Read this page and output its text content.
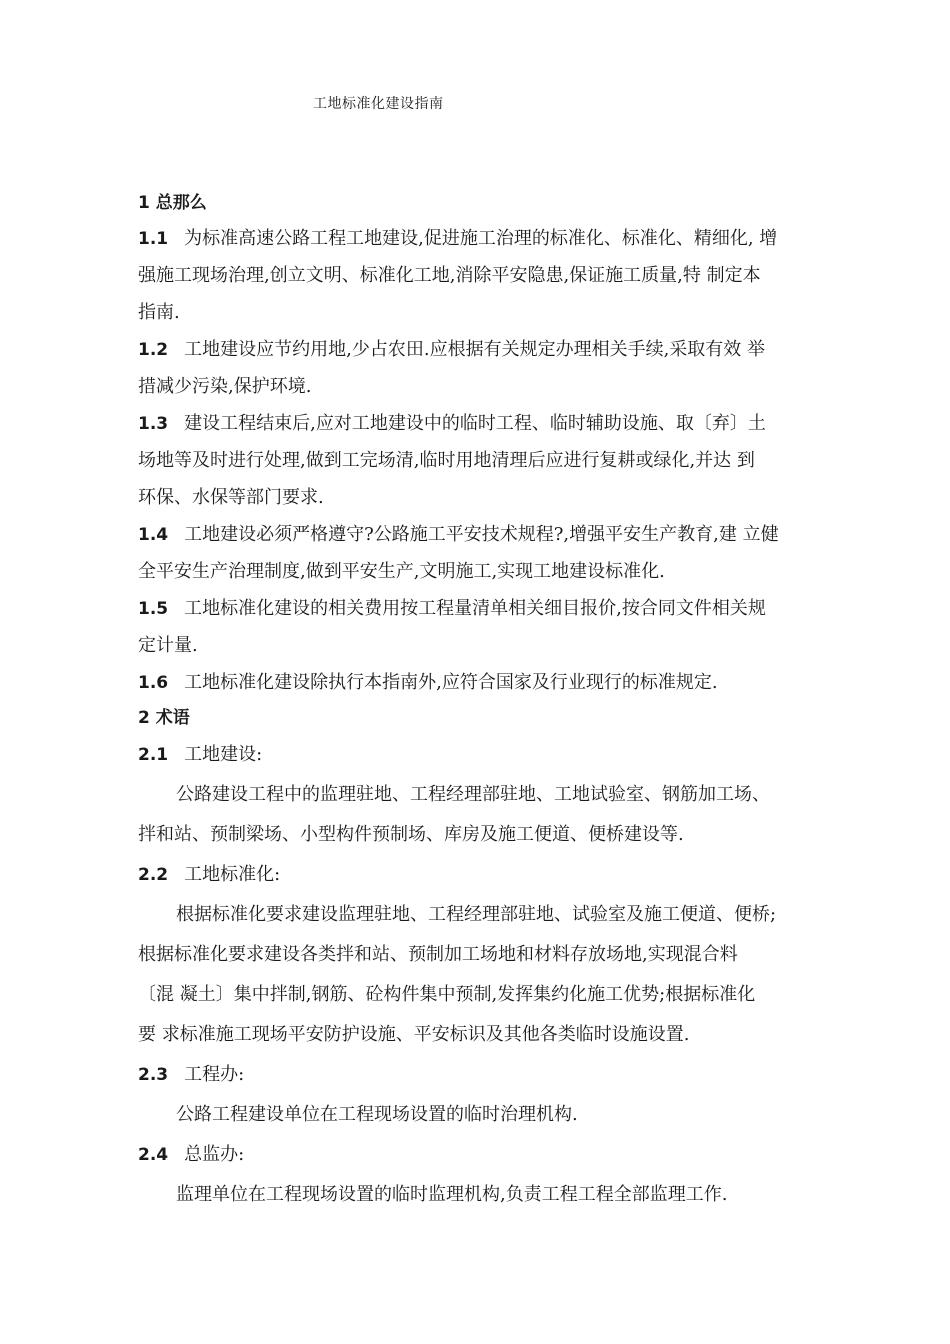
工地标准化建设指南
1 总那么
1.1 为标准高速公路工程工地建设,促进施工治理的标准化、标准化、精细化, 增
强施工现场治理,创立文明、标准化工地,消除平安隐患,保证施工质量,特 制定本
指南.
1.2 工地建设应节约用地,少占农田.应根据有关规定办理相关手续,采取有效 举
措减少污染,保护环境.
1.3 建设工程结束后,应对工地建设中的临时工程、临时辅助设施、取〔弃〕土
场地等及时进行处理,做到工完场清,临时用地清理后应进行复耕或绿化,并达 到
环保、水保等部门要求.
1.4 工地建设必须严格遵守?公路施工平安技术规程?,增强平安生产教育,建 立健
全平安生产治理制度,做到平安生产,文明施工,实现工地建设标准化.
1.5 工地标准化建设的相关费用按工程量清单相关细目报价,按合同文件相关规
定计量.
1.6 工地标准化建设除执行本指南外,应符合国家及行业现行的标准规定.
2 术语
2.1 工地建设:
公路建设工程中的监理驻地、工程经理部驻地、工地试验室、钢筋加工场、
拌和站、预制梁场、小型构件预制场、库房及施工便道、便桥建设等.
2.2 工地标准化:
根据标准化要求建设监理驻地、工程经理部驻地、试验室及施工便道、便桥;
根据标准化要求建设各类拌和站、预制加工场地和材料存放场地,实现混合料
〔混 凝土〕集中拌制,钢筋、砼构件集中预制,发挥集约化施工优势;根据标准化
要 求标准施工现场平安防护设施、平安标识及其他各类临时设施设置.
2.3 工程办:
公路工程建设单位在工程现场设置的临时治理机构.
2.4 总监办:
监理单位在工程现场设置的临时监理机构,负责工程工程全部监理工作.
